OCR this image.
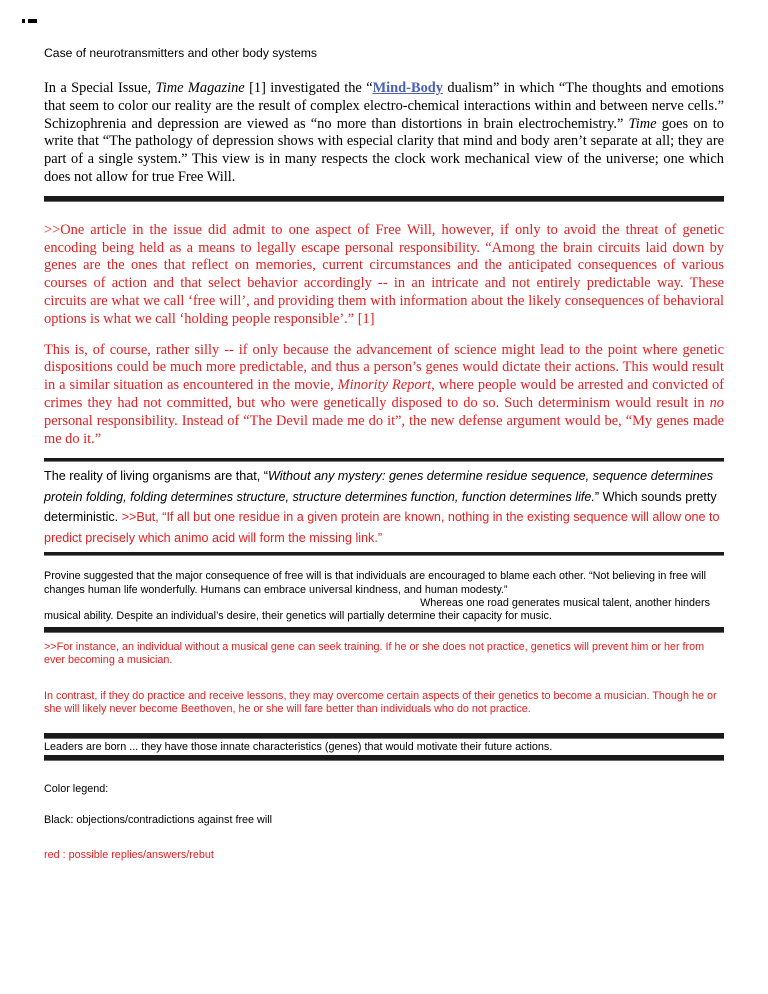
Case of neurotransmitters and other body systems

In a Special Issue, Time Magazine [1] investigated the “Mind-Body dualism” in which “The thoughts and emotions that seem to color our reality are the result of complex electro-chemical interactions within and between nerve cells.” Schizophrenia and depression are viewed as “no more than distortions in brain electrochemistry.” Time goes on to write that “The pathology of depression shows with especial clarity that mind and body aren’t separate at all; they are part of a single system.” This view is in many respects the clock work mechanical view of the universe; one which does not allow for true Free Will.

>>One article in the issue did admit to one aspect of Free Will, however, if only to avoid the threat of genetic encoding being held as a means to legally escape personal responsibility. “Among the brain circuits laid down by genes are the ones that reflect on memories, current circumstances and the anticipated consequences of various courses of action and that select behavior accordingly -- in an intricate and not entirely predictable way. These circuits are what we call ‘free will’, and providing them with information about the likely consequences of behavioral options is what we call ‘holding people responsible’.” [1]

This is, of course, rather silly -- if only because the advancement of science might lead to the point where genetic dispositions could be much more predictable, and thus a person’s genes would dictate their actions. This would result in a similar situation as encountered in the movie, Minority Report, where people would be arrested and convicted of crimes they had not committed, but who were genetically disposed to do so. Such determinism would result in no personal responsibility. Instead of “The Devil made me do it”, the new defense argument would be, “My genes made me do it.”

The reality of living organisms are that, “Without any mystery: genes determine residue sequence, sequence determines protein folding, folding determines structure, structure determines function, function determines life.” Which sounds pretty deterministic. >>But, “If all but one residue in a given protein are known, nothing in the existing sequence will allow one to predict precisely which animo acid will form the missing link.”

Provine suggested that the major consequence of free will is that individuals are encouraged to blame each other. “Not believing in free will changes human life wonderfully. Humans can embrace universal kindness, and human modesty.”
Whereas one road generates musical talent, another hinders
musical ability. Despite an individual’s desire, their genetics will partially determine their capacity for music.

>>For instance, an individual without a musical gene can seek training. If he or she does not practice, genetics will prevent him or her from ever becoming a musician.

In contrast, if they do practice and receive lessons, they may overcome certain aspects of their genetics to become a musician. Though he or she will likely never become Beethoven, he or she will fare better than individuals who do not practice.

Leaders are born ... they have those innate characteristics (genes) that would motivate their future actions.

Color legend:

Black: objections/contradictions against free will

red : possible replies/answers/rebut
